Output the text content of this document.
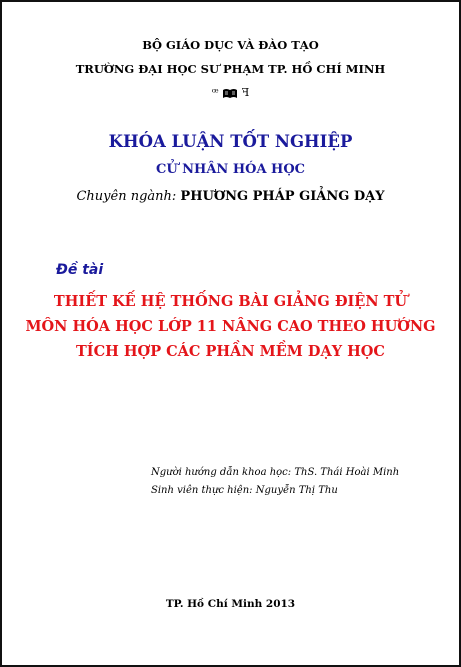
BỘ GIÁO DỤC VÀ ĐÀO TẠO
TRƯỜNG ĐẠI HỌC SƯ PHẠM TP. HỒ CHÍ MINH
ꟹ ꟻ
KHÓA LUẬN TỐT NGHIỆP
CỬ NHÂN HÓA HỌC
Chuyên ngành: PHƯƠNG PHÁP GIẢNG DẠY
Đề tài
THIẾT KẾ HỆ THỐNG BÀI GIẢNG ĐIỆN TỬ
MÔN HÓA HỌC LỚP 11 NÂNG CAO THEO HƯỚNG
TÍCH HỢP CÁC PHẦN MỀM DẠY HỌC
Người hướng dẫn khoa học: ThS. Thái Hoài Minh
Sinh viên thực hiện: Nguyễn Thị Thu
TP. Hồ Chí Minh 2013
